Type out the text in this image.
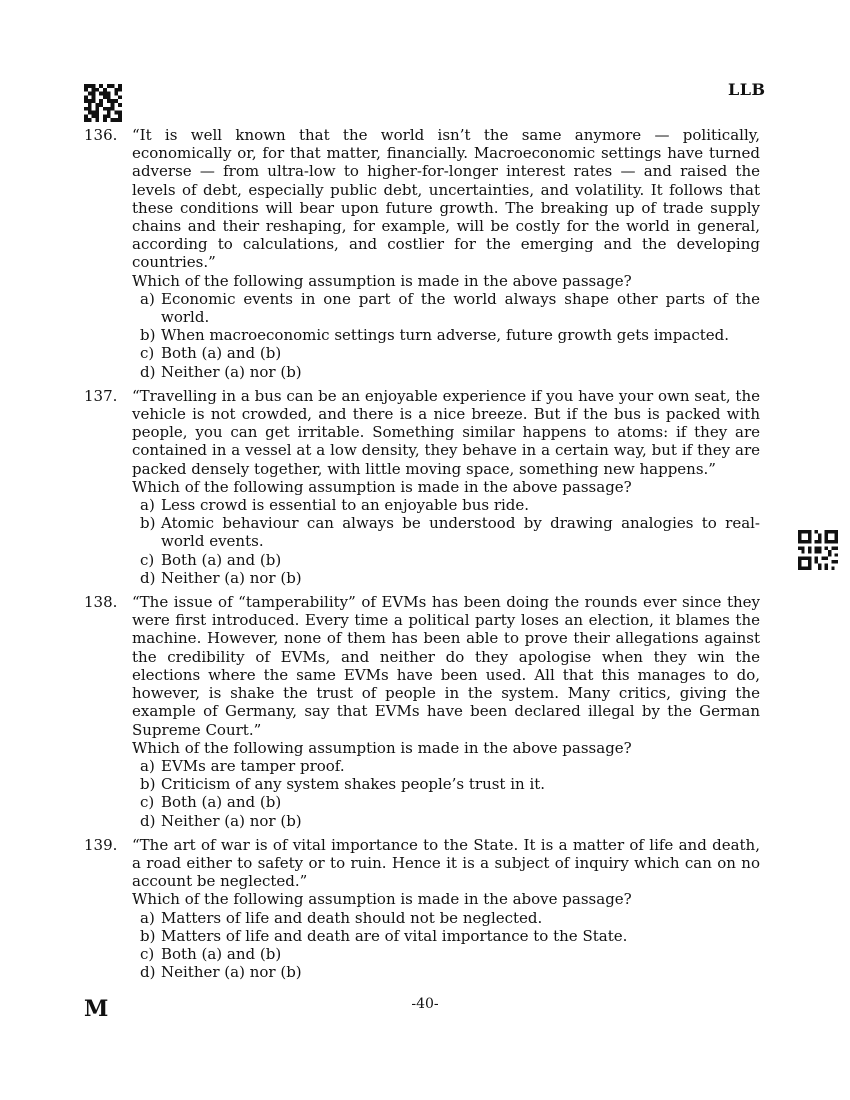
LLB
136. “It is well known that the world isn’t the same anymore — politically, economically or, for that matter, financially. Macroeconomic settings have turned adverse — from ultra-low to higher-for-longer interest rates — and raised the levels of debt, especially public debt, uncertainties, and volatility. It follows that these conditions will bear upon future growth. The breaking up of trade supply chains and their reshaping, for example, will be costly for the world in general, according to calculations, and costlier for the emerging and the developing countries.”
Which of the following assumption is made in the above passage?
a) Economic events in one part of the world always shape other parts of the world.
b) When macroeconomic settings turn adverse, future growth gets impacted.
c) Both (a) and (b)
d) Neither (a) nor (b)
137. “Travelling in a bus can be an enjoyable experience if you have your own seat, the vehicle is not crowded, and there is a nice breeze. But if the bus is packed with people, you can get irritable. Something similar happens to atoms: if they are contained in a vessel at a low density, they behave in a certain way, but if they are packed densely together, with little moving space, something new happens.”
Which of the following assumption is made in the above passage?
a) Less crowd is essential to an enjoyable bus ride.
b) Atomic behaviour can always be understood by drawing analogies to real-world events.
c) Both (a) and (b)
d) Neither (a) nor (b)
138. “The issue of “tamperability” of EVMs has been doing the rounds ever since they were first introduced. Every time a political party loses an election, it blames the machine. However, none of them has been able to prove their allegations against the credibility of EVMs, and neither do they apologise when they win the elections where the same EVMs have been used. All that this manages to do, however, is shake the trust of people in the system. Many critics, giving the example of Germany, say that EVMs have been declared illegal by the German Supreme Court.”
Which of the following assumption is made in the above passage?
a) EVMs are tamper proof.
b) Criticism of any system shakes people’s trust in it.
c) Both (a) and (b)
d) Neither (a) nor (b)
139. “The art of war is of vital importance to the State. It is a matter of life and death, a road either to safety or to ruin. Hence it is a subject of inquiry which can on no account be neglected.”
Which of the following assumption is made in the above passage?
a) Matters of life and death should not be neglected.
b) Matters of life and death are of vital importance to the State.
c) Both (a) and (b)
d) Neither (a) nor (b)
M	-40-
